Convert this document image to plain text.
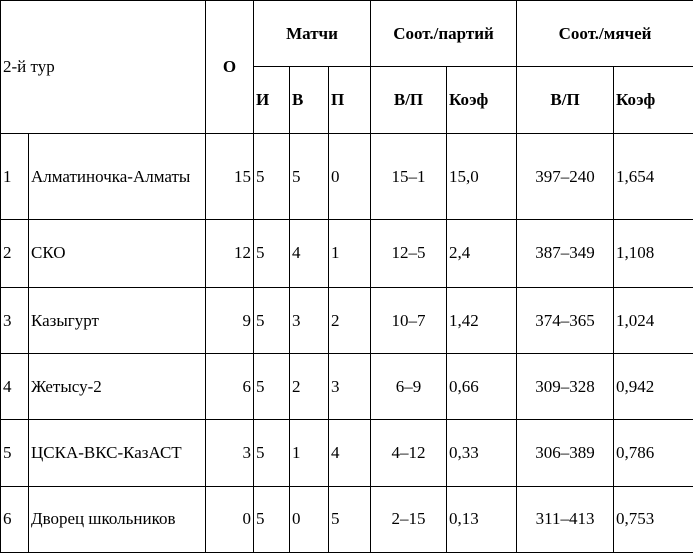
2-й тур		О	Матчи			Соот./партий		Соот./мячей	
			И	В	П	В/П	Коэф	В/П	Коэф
1	Алматиночка-Алматы	15	5	5	0	15–1	15,0	397–240	1,654
2	СКО	12	5	4	1	12–5	2,4	387–349	1,108
3	Казыгурт	9	5	3	2	10–7	1,42	374–365	1,024
4	Жетысу-2	6	5	2	3	6–9	0,66	309–328	0,942
5	ЦСКА-ВКС-КазАСТ	3	5	1	4	4–12	0,33	306–389	0,786
6	Дворец школьников	0	5	0	5	2–15	0,13	311–413	0,753
